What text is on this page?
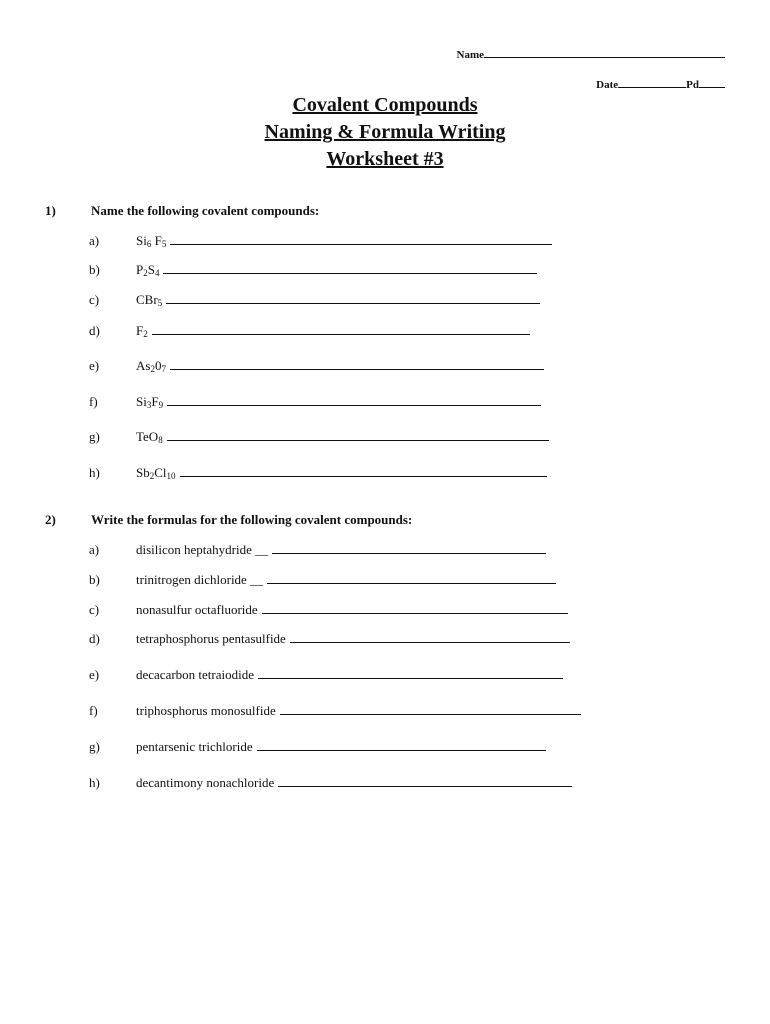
Name
Date	Pd
Covalent Compounds
Naming & Formula Writing
Worksheet #3
1)	Name the following covalent compounds:
a)	$Si_6$ $F_5$
b)	$P_2S_4$
c)	CBr$_5$
d)	$F_2$
e)	$As_20_7$
f)	$Si_3F_9$
g)	TeO$_8$
h)	$Sb_2Cl_{10}$
2)	Write the formulas for the following covalent compounds:
a)	disilicon heptahydride __
b)	trinitrogen dichloride __
c)	nonasulfur octafluoride
d)	tetraphosphorus pentasulfide
e)	decacarbon tetraiodide
f)	triphosphorus monosulfide
g)	pentarsenic trichloride
h)	decantimony nonachloride
